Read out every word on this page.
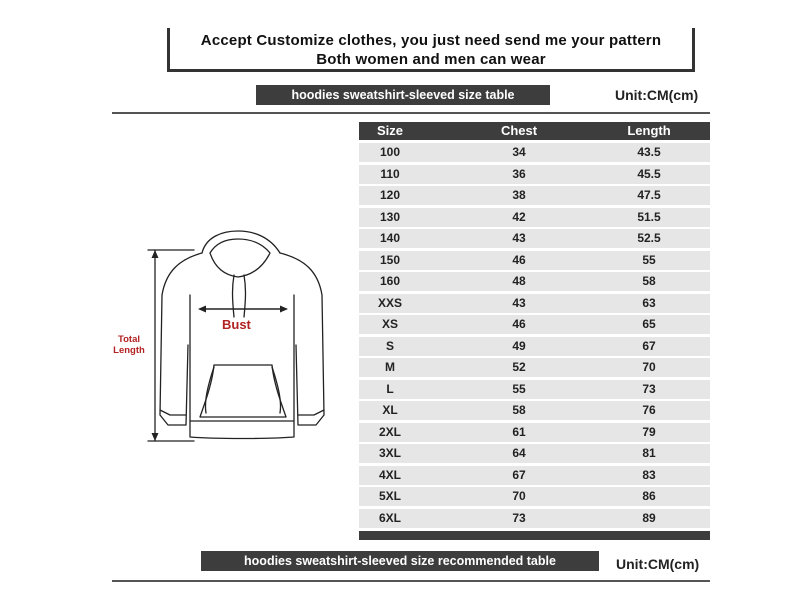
Accept Customize clothes, you just need send me your pattern
Both women and men can wear
hoodies sweatshirt-sleeved size table	Unit:CM(cm)
Total
Length
Bust
Size	Chest	Length
100	34	43.5
110	36	45.5
120	38	47.5
130	42	51.5
140	43	52.5
150	46	55
160	48	58
XXS	43	63
XS	46	65
S	49	67
M	52	70
L	55	73
XL	58	76
2XL	61	79
3XL	64	81
4XL	67	83
5XL	70	86
6XL	73	89
hoodies sweatshirt-sleeved size recommended table	Unit:CM(cm)
